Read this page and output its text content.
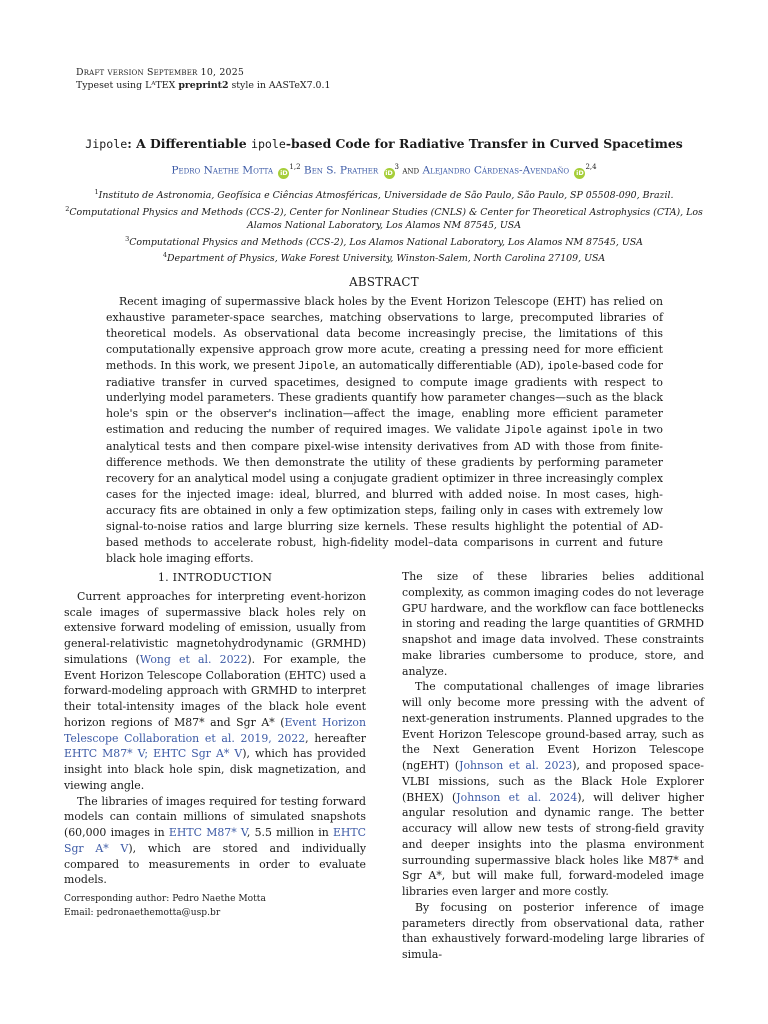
Draft version September 10, 2025
Typeset using LᴬTEX preprint2 style in AASTeX7.0.1
Jipole: A Differentiable ipole-based Code for Radiative Transfer in Curved Spacetimes
Pedro Naethe Motta iD$^{1,2}$ Ben S. Prather $iD^3$ and Alejandro Cárdenas-Avendaño iD$^{2,4}$
$^1$Instituto de Astronomia, Geofísica e Ciências Atmosféricas, Universidade de São Paulo, São Paulo, SP 05508-090, Brazil.
$^2$Computational Physics and Methods (CCS-2), Center for Nonlinear Studies (CNLS) & Center for Theoretical Astrophysics (CTA), Los Alamos National Laboratory, Los Alamos NM 87545, USA
$^3$Computational Physics and Methods (CCS-2), Los Alamos National Laboratory, Los Alamos NM 87545, USA
$^4$Department of Physics, Wake Forest University, Winston-Salem, North Carolina 27109, USA
ABSTRACT
Recent imaging of supermassive black holes by the Event Horizon Telescope (EHT) has relied on exhaustive parameter-space searches, matching observations to large, precomputed libraries of theoretical models. As observational data become increasingly precise, the limitations of this computationally expensive approach grow more acute, creating a pressing need for more efficient methods. In this work, we present Jipole, an automatically differentiable (AD), ipole-based code for radiative transfer in curved spacetimes, designed to compute image gradients with respect to underlying model parameters. These gradients quantify how parameter changes—such as the black hole's spin or the observer's inclination—affect the image, enabling more efficient parameter estimation and reducing the number of required images. We validate Jipole against ipole in two analytical tests and then compare pixel-wise intensity derivatives from AD with those from finite-difference methods. We then demonstrate the utility of these gradients by performing parameter recovery for an analytical model using a conjugate gradient optimizer in three increasingly complex cases for the injected image: ideal, blurred, and blurred with added noise. In most cases, high-accuracy fits are obtained in only a few optimization steps, failing only in cases with extremely low signal-to-noise ratios and large blurring size kernels. These results highlight the potential of AD-based methods to accelerate robust, high-fidelity model–data comparisons in current and future black hole imaging efforts.

1. INTRODUCTION

Current approaches for interpreting event-horizon scale images of supermassive black holes rely on extensive forward modeling of emission, usually from general-relativistic magnetohydrodynamic (GRMHD) simulations (Wong et al. 2022). For example, the Event Horizon Telescope Collaboration (EHTC) used a forward-modeling approach with GRMHD to interpret their total-intensity images of the black hole event horizon regions of M87* and Sgr A* (Event Horizon Telescope Collaboration et al. 2019, 2022, hereafter EHTC M87* V; EHTC Sgr A* V), which has provided insight into black hole spin, disk magnetization, and viewing angle.

The libraries of images required for testing forward models can contain millions of simulated snapshots (60,000 images in EHTC M87* V, 5.5 million in EHTC Sgr A* V), which are stored and individually compared to measurements in order to evaluate models.

The size of these libraries belies additional complexity, as common imaging codes do not leverage GPU hardware, and the workflow can face bottlenecks in storing and reading the large quantities of GRMHD snapshot and image data involved. These constraints make libraries cumbersome to produce, store, and analyze.

The computational challenges of image libraries will only become more pressing with the advent of next-generation instruments. Planned upgrades to the Event Horizon Telescope ground-based array, such as the Next Generation Event Horizon Telescope (ngEHT) (Johnson et al. 2023), and proposed space-VLBI missions, such as the Black Hole Explorer (BHEX) (Johnson et al. 2024), will deliver higher angular resolution and dynamic range. The better accuracy will allow new tests of strong-field gravity and deeper insights into the plasma environment surrounding supermassive black holes like M87* and Sgr A*, but will make full, forward-modeled image libraries even larger and more costly.

By focusing on posterior inference of image parameters directly from observational data, rather than exhaustively forward-modeling large libraries of simula-

Corresponding author: Pedro Naethe Motta
Email: pedronaethemotta@usp.br
